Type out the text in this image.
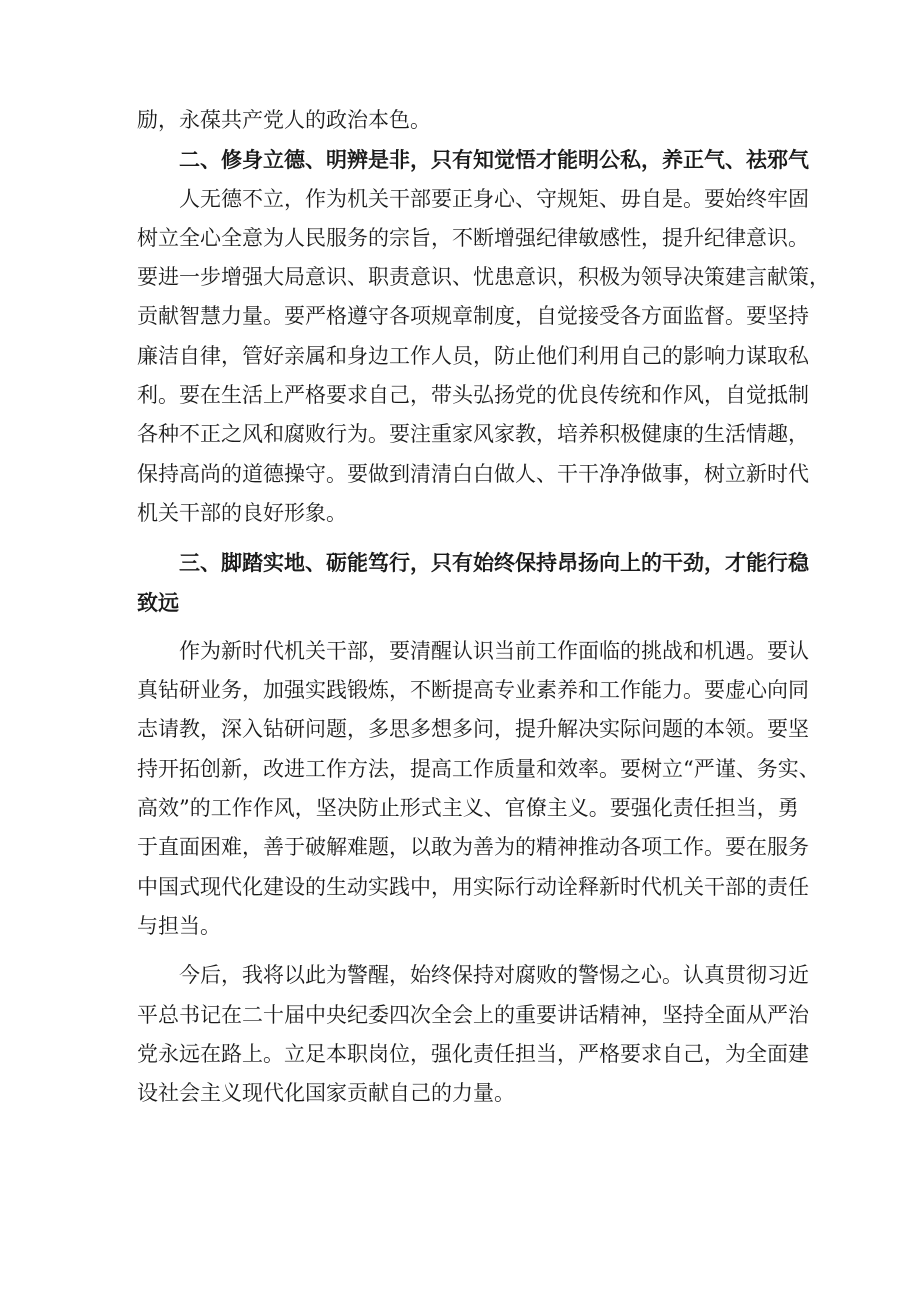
励，永葆共产党人的政治本色。
二、修身立德、明辨是非，只有知觉悟才能明公私，养正气、祛邪气
人无德不立，作为机关干部要正身心、守规矩、毋自是。要始终牢固
树立全心全意为人民服务的宗旨，不断增强纪律敏感性，提升纪律意识。
要进一步增强大局意识、职责意识、忧患意识，积极为领导决策建言献策，
贡献智慧力量。要严格遵守各项规章制度，自觉接受各方面监督。要坚持
廉洁自律，管好亲属和身边工作人员，防止他们利用自己的影响力谋取私
利。要在生活上严格要求自己，带头弘扬党的优良传统和作风，自觉抵制
各种不正之风和腐败行为。要注重家风家教，培养积极健康的生活情趣，
保持高尚的道德操守。要做到清清白白做人、干干净净做事，树立新时代
机关干部的良好形象。
三、脚踏实地、砺能笃行，只有始终保持昂扬向上的干劲，才能行稳
致远
作为新时代机关干部，要清醒认识当前工作面临的挑战和机遇。要认
真钻研业务，加强实践锻炼，不断提高专业素养和工作能力。要虚心向同
志请教，深入钻研问题，多思多想多问，提升解决实际问题的本领。要坚
持开拓创新，改进工作方法，提高工作质量和效率。要树立“严谨、务实、
高效”的工作作风，坚决防止形式主义、官僚主义。要强化责任担当，勇
于直面困难，善于破解难题，以敢为善为的精神推动各项工作。要在服务
中国式现代化建设的生动实践中，用实际行动诠释新时代机关干部的责任
与担当。
今后，我将以此为警醒，始终保持对腐败的警惕之心。认真贯彻习近
平总书记在二十届中央纪委四次全会上的重要讲话精神，坚持全面从严治
党永远在路上。立足本职岗位，强化责任担当，严格要求自己，为全面建
设社会主义现代化国家贡献自己的力量。
